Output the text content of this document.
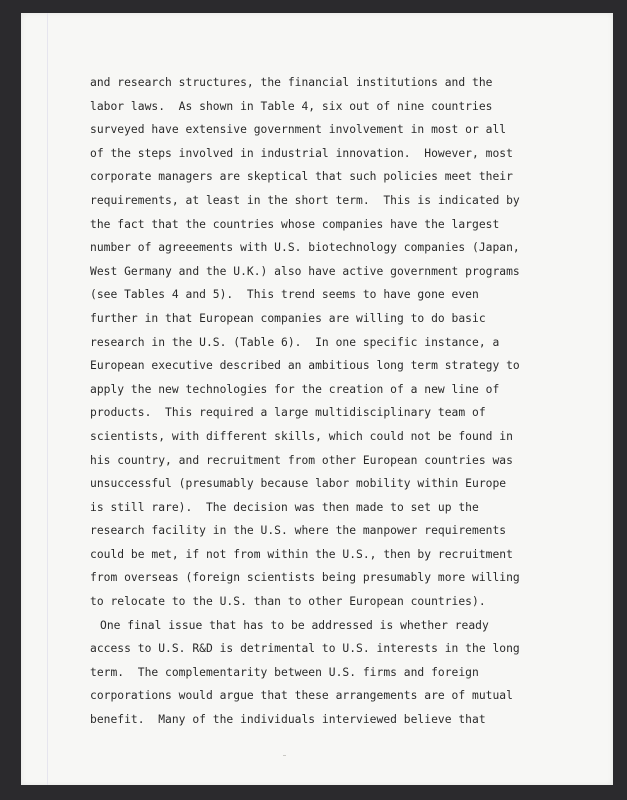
and research structures, the financial institutions and the
labor laws.  As shown in Table 4, six out of nine countries
surveyed have extensive government involvement in most or all
of the steps involved in industrial innovation.  However, most
corporate managers are skeptical that such policies meet their
requirements, at least in the short term.  This is indicated by
the fact that the countries whose companies have the largest
number of agreeements with U.S. biotechnology companies (Japan,
West Germany and the U.K.) also have active government programs
(see Tables 4 and 5).  This trend seems to have gone even
further in that European companies are willing to do basic
research in the U.S. (Table 6).  In one specific instance, a
European executive described an ambitious long term strategy to
apply the new technologies for the creation of a new line of
products.  This required a large multidisciplinary team of
scientists, with different skills, which could not be found in
his country, and recruitment from other European countries was
unsuccessful (presumably because labor mobility within Europe
is still rare).  The decision was then made to set up the
research facility in the U.S. where the manpower requirements
could be met, if not from within the U.S., then by recruitment
from overseas (foreign scientists being presumably more willing
to relocate to the U.S. than to other European countries).
One final issue that has to be addressed is whether ready
access to U.S. R&D is detrimental to U.S. interests in the long
term.  The complementarity between U.S. firms and foreign
corporations would argue that these arrangements are of mutual
benefit.  Many of the individuals interviewed believe that
